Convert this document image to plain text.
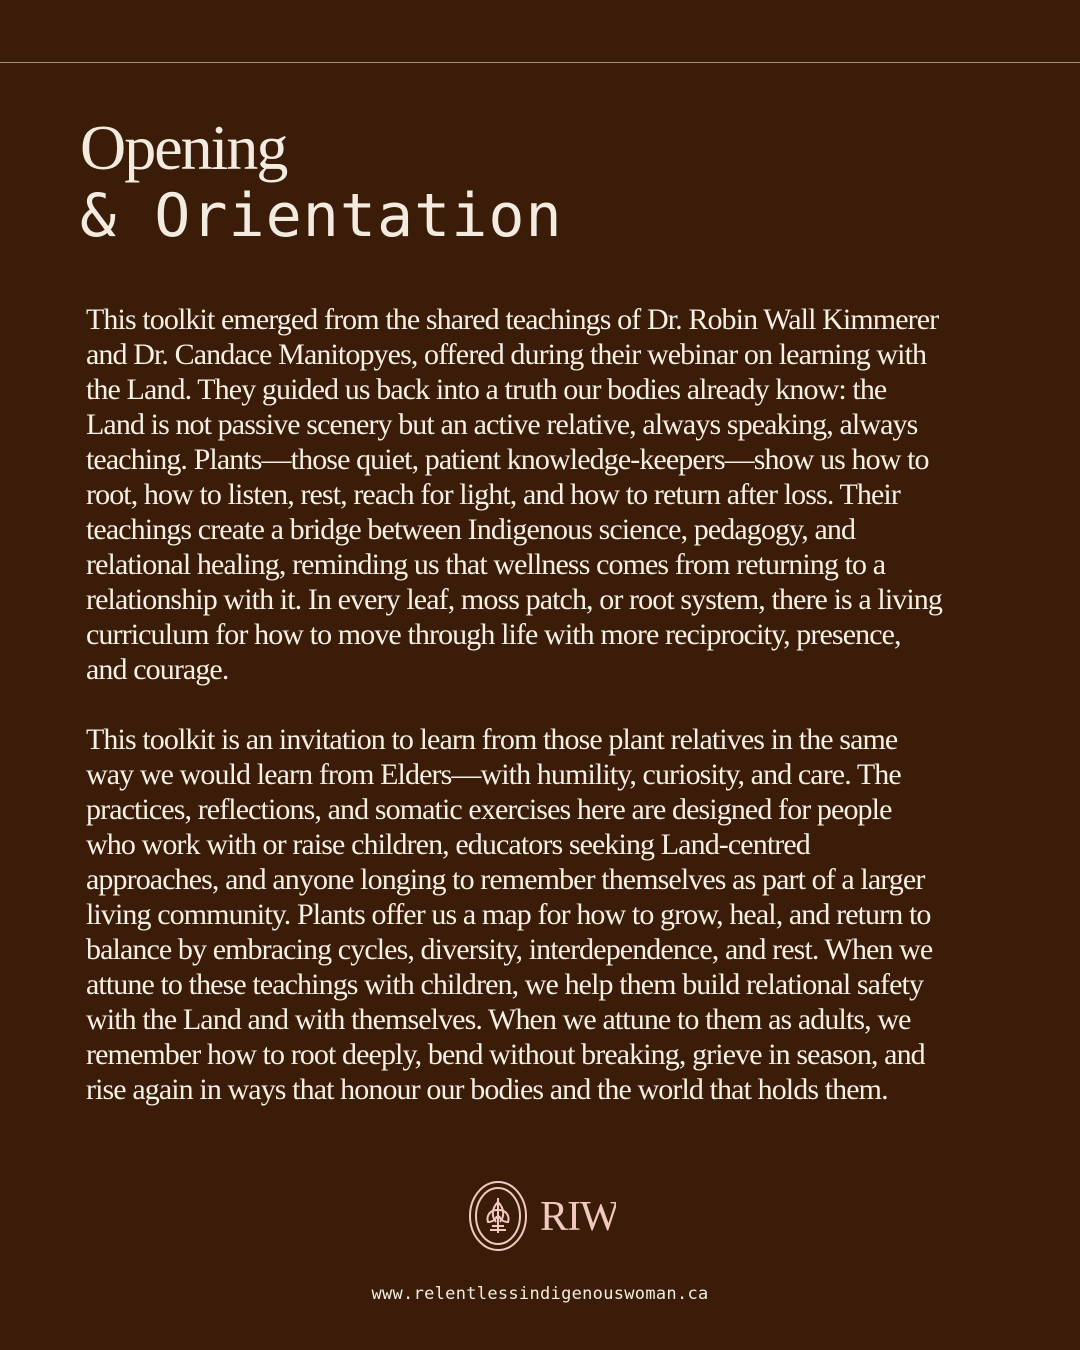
Opening
& Orientation

This toolkit emerged from the shared teachings of Dr. Robin Wall Kimmerer
and Dr. Candace Manitopyes, offered during their webinar on learning with
the Land. They guided us back into a truth our bodies already know: the
Land is not passive scenery but an active relative, always speaking, always
teaching. Plants—those quiet, patient knowledge-keepers—show us how to
root, how to listen, rest, reach for light, and how to return after loss. Their
teachings create a bridge between Indigenous science, pedagogy, and
relational healing, reminding us that wellness comes from returning to a
relationship with it. In every leaf, moss patch, or root system, there is a living
curriculum for how to move through life with more reciprocity, presence,
and courage.

This toolkit is an invitation to learn from those plant relatives in the same
way we would learn from Elders—with humility, curiosity, and care. The
practices, reflections, and somatic exercises here are designed for people
who work with or raise children, educators seeking Land-centred
approaches, and anyone longing to remember themselves as part of a larger
living community. Plants offer us a map for how to grow, heal, and return to
balance by embracing cycles, diversity, interdependence, and rest. When we
attune to these teachings with children, we help them build relational safety
with the Land and with themselves. When we attune to them as adults, we
remember how to root deeply, bend without breaking, grieve in season, and
rise again in ways that honour our bodies and the world that holds them.

RIW
www.relentlessindigenouswoman.ca
